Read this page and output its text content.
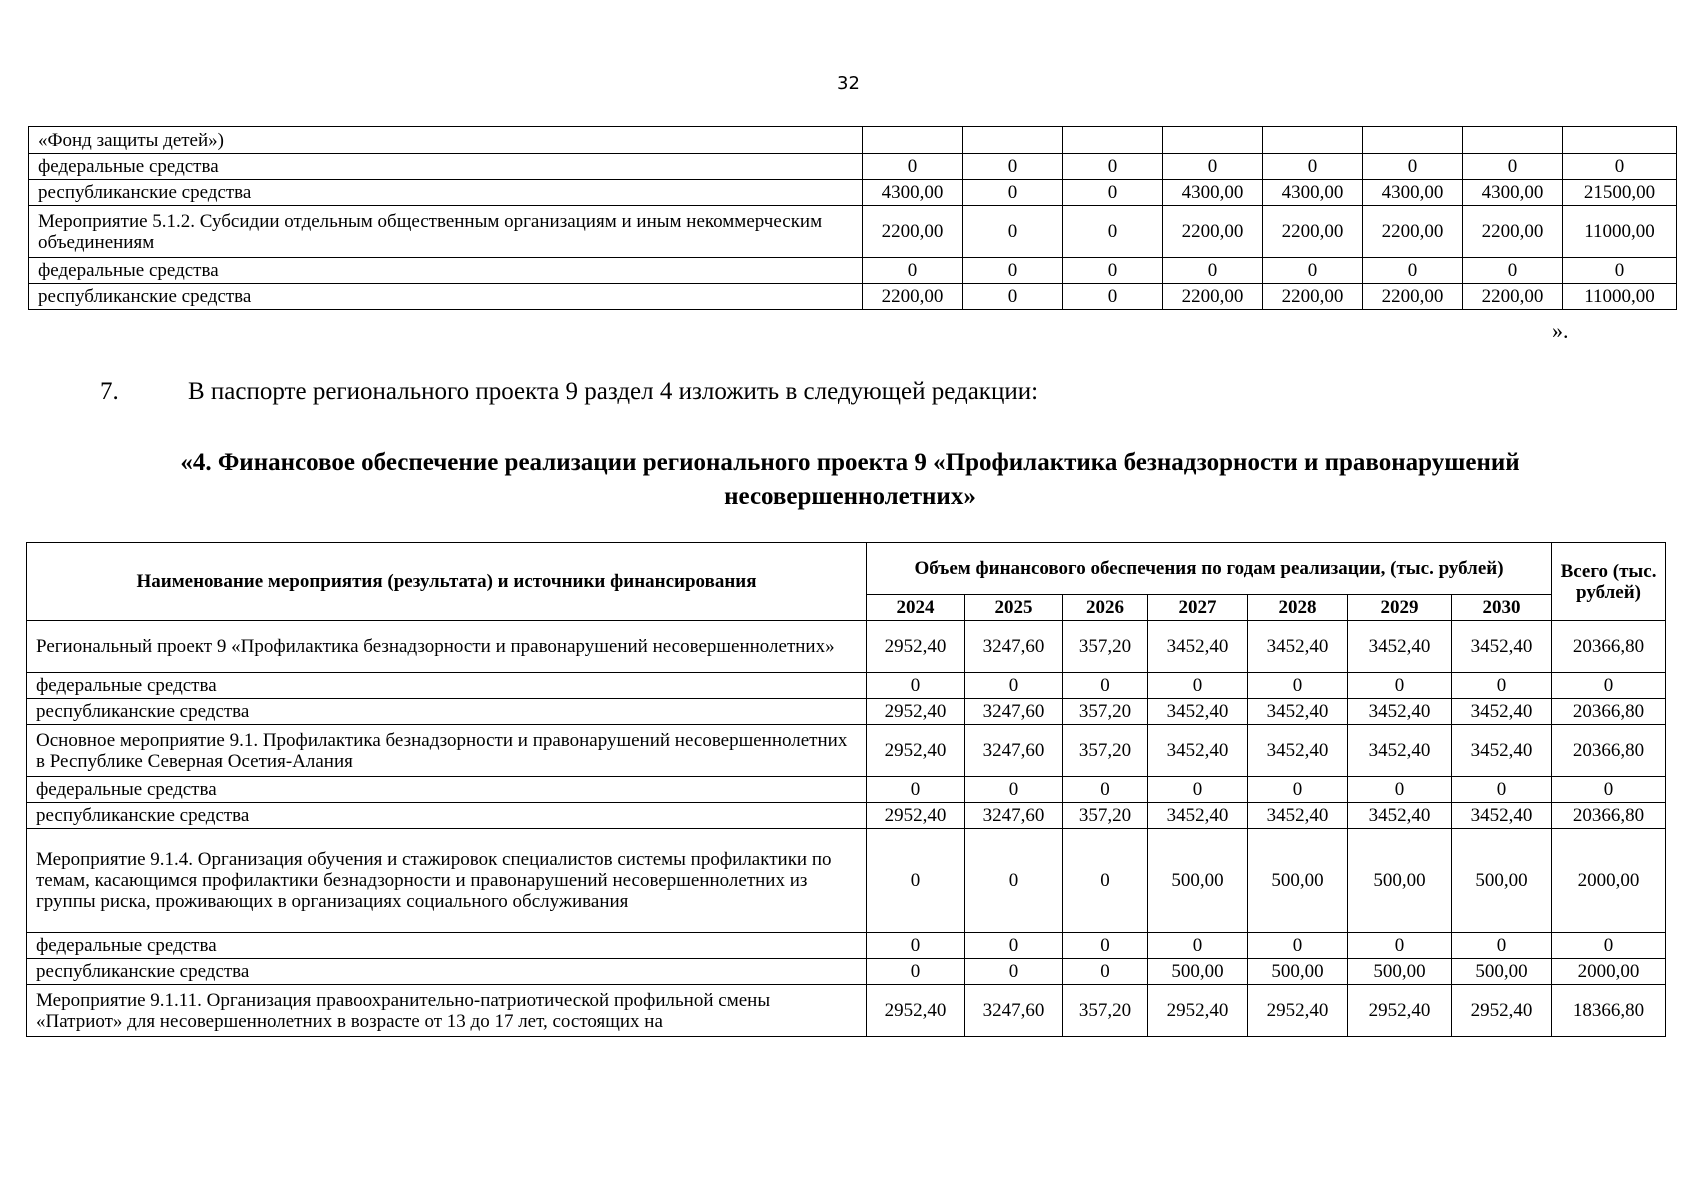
32
«Фонд защиты детей»)								
федеральные средства	0	0	0	0	0	0	0	0
республиканские средства	4300,00	0	0	4300,00	4300,00	4300,00	4300,00	21500,00
Мероприятие 5.1.2. Субсидии отдельным общественным организациям и иным некоммерческим объединениям	2200,00	0	0	2200,00	2200,00	2200,00	2200,00	11000,00
федеральные средства	0	0	0	0	0	0	0	0
республиканские средства	2200,00	0	0	2200,00	2200,00	2200,00	2200,00	11000,00
».
7.	В паспорте регионального проекта 9 раздел 4 изложить в следующей редакции:
«4. Финансовое обеспечение реализации регионального проекта 9 «Профилактика безнадзорности и правонарушений несовершеннолетних»
Наименование мероприятия (результата) и источники финансирования	Объем финансового обеспечения по годам реализации, (тыс. рублей)							Всего (тыс. рублей)
	2024	2025	2026	2027	2028	2029	2030	
Региональный проект 9 «Профилактика безнадзорности и правонарушений несовершеннолетних»	2952,40	3247,60	357,20	3452,40	3452,40	3452,40	3452,40	20366,80
федеральные средства	0	0	0	0	0	0	0	0
республиканские средства	2952,40	3247,60	357,20	3452,40	3452,40	3452,40	3452,40	20366,80
Основное мероприятие 9.1. Профилактика безнадзорности и правонарушений несовершеннолетних в Республике Северная Осетия-Алания	2952,40	3247,60	357,20	3452,40	3452,40	3452,40	3452,40	20366,80
федеральные средства	0	0	0	0	0	0	0	0
республиканские средства	2952,40	3247,60	357,20	3452,40	3452,40	3452,40	3452,40	20366,80
Мероприятие 9.1.4. Организация обучения и стажировок специалистов системы профилактики по темам, касающимся профилактики безнадзорности и правонарушений несовершеннолетних из группы риска, проживающих в организациях социального обслуживания	0	0	0	500,00	500,00	500,00	500,00	2000,00
федеральные средства	0	0	0	0	0	0	0	0
республиканские средства	0	0	0	500,00	500,00	500,00	500,00	2000,00
Мероприятие 9.1.11. Организация правоохранительно-патриотической профильной смены «Патриот» для несовершеннолетних в возрасте от 13 до 17 лет, состоящих на	2952,40	3247,60	357,20	2952,40	2952,40	2952,40	2952,40	18366,80
